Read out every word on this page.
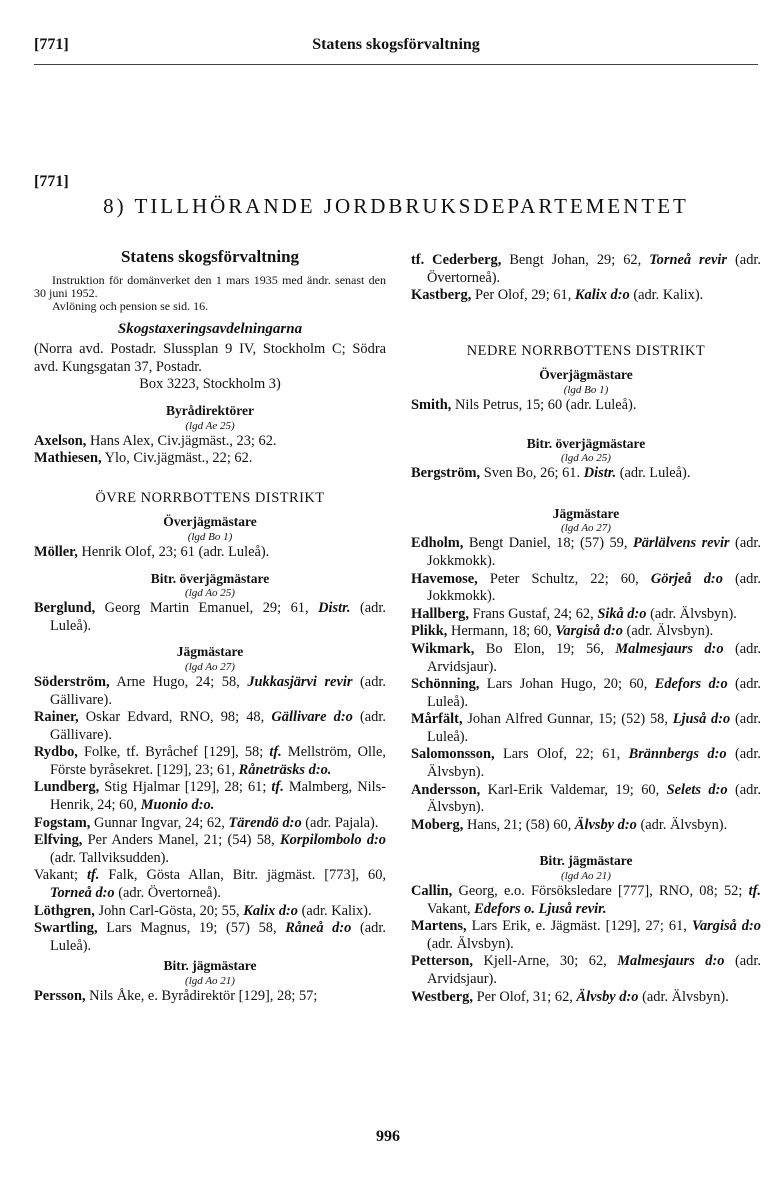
[771]	Statens skogsförvaltning
[771]
8) TILLHÖRANDE JORDBRUKSDEPARTEMENTET
Statens skogsförvaltning
Instruktion för domänverket den 1 mars 1935 med ändr. senast den 30 juni 1952.
Avlöning och pension se sid. 16.
Skogstaxeringsavdelningarna
(Norra avd. Postadr. Slussplan 9 IV, Stockholm C; Södra avd. Kungsgatan 37, Postadr.
Box 3223, Stockholm 3)
Byrådirektörer
(lgd Ae 25)
Axelson, Hans Alex, Civ.jägmäst., 23; 62.
Mathiesen, Ylo, Civ.jägmäst., 22; 62.
ÖVRE NORRBOTTENS DISTRIKT
Överjägmästare
(lgd Bo 1)
Möller, Henrik Olof, 23; 61 (adr. Luleå).
Bitr. överjägmästare
(lgd Ao 25)
Berglund, Georg Martin Emanuel, 29; 61, Distr. (adr. Luleå).
Jägmästare
(lgd Ao 27)
Söderström, Arne Hugo, 24; 58, Jukkasjärvi revir (adr. Gällivare).
Rainer, Oskar Edvard, RNO, 98; 48, Gällivare d:o (adr. Gällivare).
Rydbo, Folke, tf. Byråchef [129], 58; tf. Mellström, Olle, Förste byråsekret. [129], 23; 61, Råneträsks d:o.
Lundberg, Stig Hjalmar [129], 28; 61; tf. Malmberg, Nils-Henrik, 24; 60, Muonio d:o.
Fogstam, Gunnar Ingvar, 24; 62, Tärendö d:o (adr. Pajala).
Elfving, Per Anders Manel, 21; (54) 58, Korpilombolo d:o (adr. Tallviksudden).
Vakant; tf. Falk, Gösta Allan, Bitr. jägmäst. [773], 60, Torneå d:o (adr. Övertorneå).
Löthgren, John Carl-Gösta, 20; 55, Kalix d:o (adr. Kalix).
Swartling, Lars Magnus, 19; (57) 58, Råneå d:o (adr. Luleå).
Bitr. jägmästare
(lgd Ao 21)
Persson, Nils Åke, e. Byrådirektör [129], 28; 57;
tf. Cederberg, Bengt Johan, 29; 62, Torneå revir (adr. Övertorneå).
Kastberg, Per Olof, 29; 61, Kalix d:o (adr. Kalix).
NEDRE NORRBOTTENS DISTRIKT
Överjägmästare
(lgd Bo 1)
Smith, Nils Petrus, 15; 60 (adr. Luleå).
Bitr. överjägmästare
(lgd Ao 25)
Bergström, Sven Bo, 26; 61. Distr. (adr. Luleå).
Jägmästare
(lgd Ao 27)
Edholm, Bengt Daniel, 18; (57) 59, Pärlälvens revir (adr. Jokkmokk).
Havemose, Peter Schultz, 22; 60, Görjeå d:o (adr. Jokkmokk).
Hallberg, Frans Gustaf, 24; 62, Sikå d:o (adr. Älvsbyn).
Plikk, Hermann, 18; 60, Vargiså d:o (adr. Älvsbyn).
Wikmark, Bo Elon, 19; 56, Malmesjaurs d:o (adr. Arvidsjaur).
Schönning, Lars Johan Hugo, 20; 60, Edefors d:o (adr. Luleå).
Mårfält, Johan Alfred Gunnar, 15; (52) 58, Ljuså d:o (adr. Luleå).
Salomonsson, Lars Olof, 22; 61, Brännbergs d:o (adr. Älvsbyn).
Andersson, Karl-Erik Valdemar, 19; 60, Selets d:o (adr. Älvsbyn).
Moberg, Hans, 21; (58) 60, Älvsby d:o (adr. Älvsbyn).
Bitr. jägmästare
(lgd Ao 21)
Callin, Georg, e.o. Försöksledare [777], RNO, 08; 52; tf. Vakant, Edefors o. Ljuså revir.
Martens, Lars Erik, e. Jägmäst. [129], 27; 61, Vargiså d:o (adr. Älvsbyn).
Petterson, Kjell-Arne, 30; 62, Malmesjaurs d:o (adr. Arvidsjaur).
Westberg, Per Olof, 31; 62, Älvsby d:o (adr. Älvsbyn).
996
